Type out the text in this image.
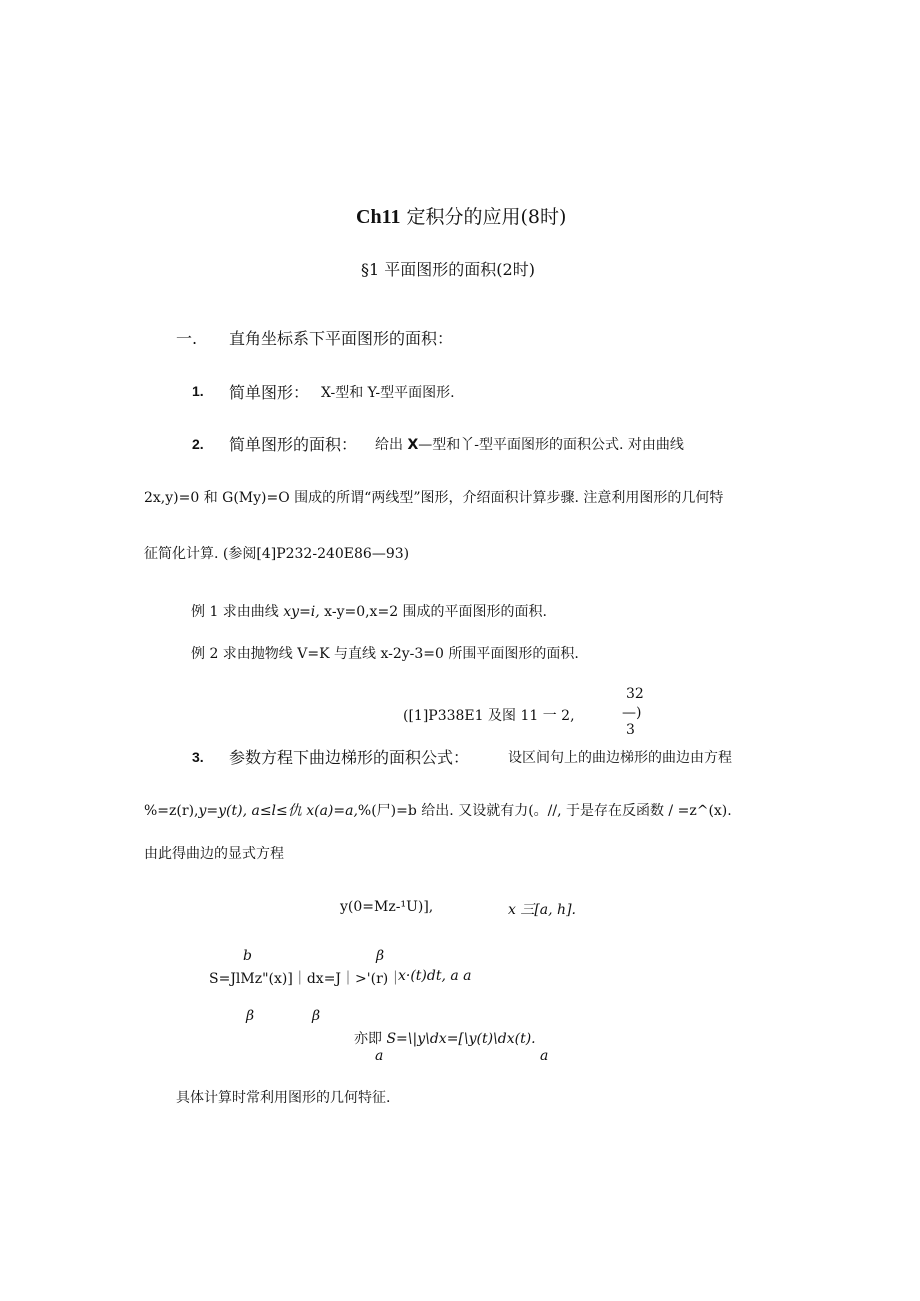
Ch11 定积分的应用(8时)
§1 平面图形的面积(2时)
一. 直角坐标系下平面图形的面积：
1. 简单图形： X-型和 Y-型平面图形.
2. 简单图形的面积： 给出 X—型和丫-型平面图形的面积公式. 对由曲线
2x,y)=0 和 G(My)=O 围成的所谓“两线型”图形，介绍面积计算步骤. 注意利用图形的几何特
征简化计算. (参阅[4]P232-240E86—93)
例 1 求由曲线 xy=i, x-y=0,x=2 围成的平面图形的面积.
例 2 求由抛物线 V=K 与直线 x-2y-3=0 所围平面图形的面积.
32
([1]P338E1 及图 11 一 2,	—)
3
3. 参数方程下曲边梯形的面积公式：	设区间句上的曲边梯形的曲边由方程
%=z(r),y=y(t), a≤l≤仇 x(a)=a,%(尸)=b 给出. 又设就有力(。//, 于是存在反函数 / =z^(x).
由此得曲边的显式方程
y(0=Mz-¹U)],	x 三[a, h].
b	β
S=JlMz"(x)]｜dx=J｜>'(r)｜
x·(t)dt, a a
β	β
亦即 S=\|y\dx=[\y(t)\dx(t).
a	a
具体计算时常利用图形的几何特征.
